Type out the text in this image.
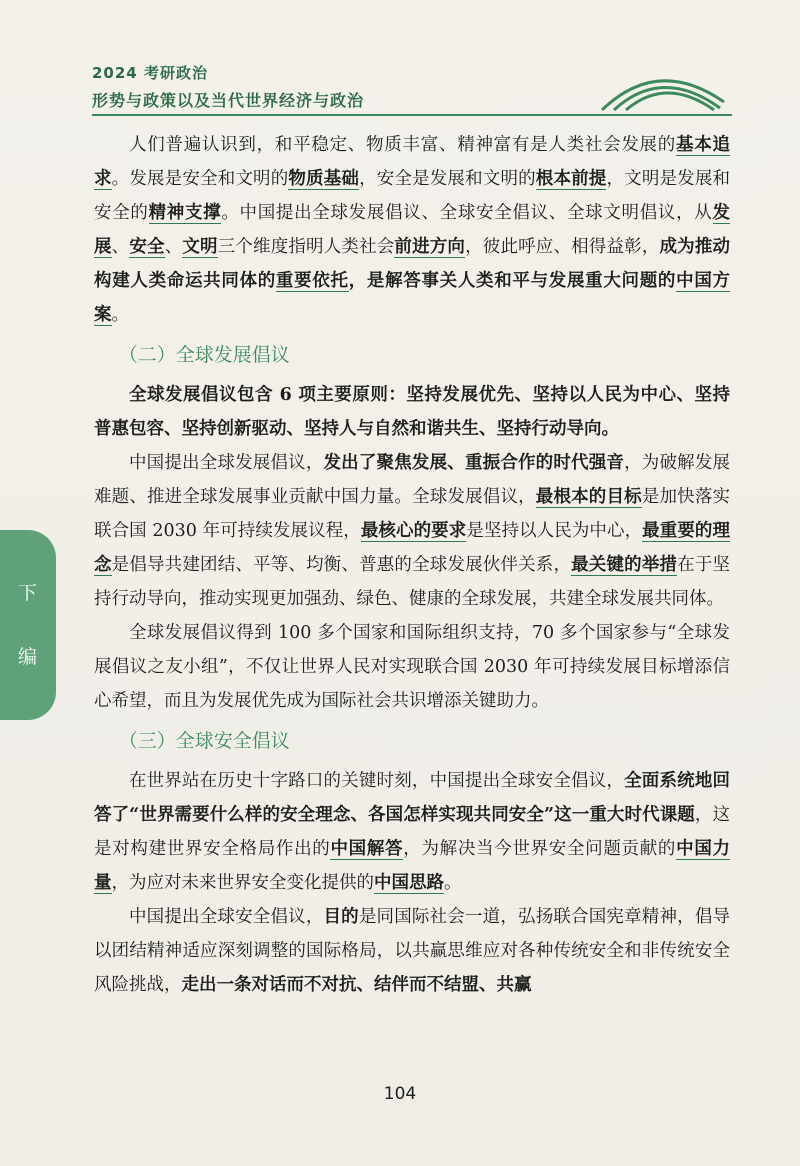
2024 考研政治
形势与政策以及当代世界经济与政治

人们普遍认识到，和平稳定、物质丰富、精神富有是人类社会发展的基本追求。发展是安全和文明的物质基础，安全是发展和文明的根本前提，文明是发展和安全的精神支撑。中国提出全球发展倡议、全球安全倡议、全球文明倡议，从发展、安全、文明三个维度指明人类社会前进方向，彼此呼应、相得益彰，成为推动构建人类命运共同体的重要依托，是解答事关人类和平与发展重大问题的中国方案。

（二）全球发展倡议

全球发展倡议包含 6 项主要原则：坚持发展优先、坚持以人民为中心、坚持普惠包容、坚持创新驱动、坚持人与自然和谐共生、坚持行动导向。

中国提出全球发展倡议，发出了聚焦发展、重振合作的时代强音，为破解发展难题、推进全球发展事业贡献中国力量。全球发展倡议，最根本的目标是加快落实联合国 2030 年可持续发展议程，最核心的要求是坚持以人民为中心，最重要的理念是倡导共建团结、平等、均衡、普惠的全球发展伙伴关系，最关键的举措在于坚持行动导向，推动实现更加强劲、绿色、健康的全球发展，共建全球发展共同体。

全球发展倡议得到 100 多个国家和国际组织支持，70 多个国家参与“全球发展倡议之友小组”，不仅让世界人民对实现联合国 2030 年可持续发展目标增添信心希望，而且为发展优先成为国际社会共识增添关键助力。

（三）全球安全倡议

在世界站在历史十字路口的关键时刻，中国提出全球安全倡议，全面系统地回答了“世界需要什么样的安全理念、各国怎样实现共同安全”这一重大时代课题，这是对构建世界安全格局作出的中国解答，为解决当今世界安全问题贡献的中国力量，为应对未来世界安全变化提供的中国思路。

中国提出全球安全倡议，目的是同国际社会一道，弘扬联合国宪章精神，倡导以团结精神适应深刻调整的国际格局，以共赢思维应对各种传统安全和非传统安全风险挑战，走出一条对话而不对抗、结伴而不结盟、共赢

下
编
104
